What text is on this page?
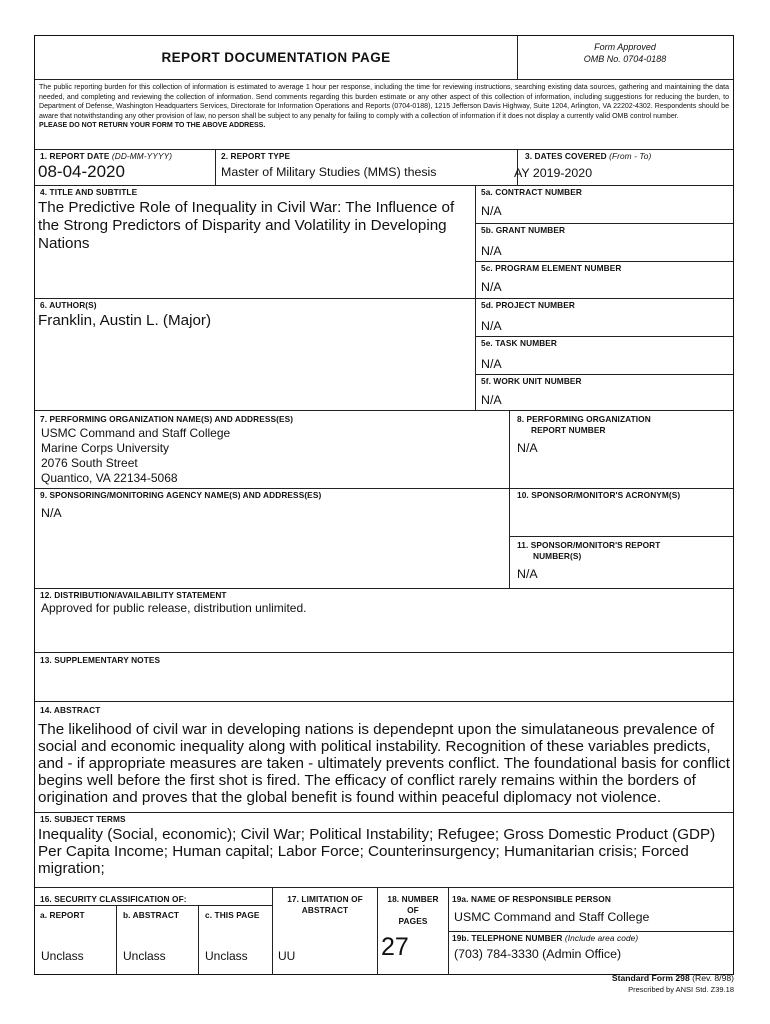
REPORT DOCUMENTATION PAGE
Form Approved
OMB No. 0704-0188
The public reporting burden for this collection of information is estimated to average 1 hour per response, including the time for reviewing instructions, searching existing data sources, gathering and maintaining the data needed, and completing and reviewing the collection of information. Send comments regarding this burden estimate or any other aspect of this collection of information, including suggestions for reducing the burden, to Department of Defense, Washington Headquarters Services, Directorate for Information Operations and Reports (0704-0188), 1215 Jefferson Davis Highway, Suite 1204, Arlington, VA 22202-4302. Respondents should be aware that notwithstanding any other provision of law, no person shall be subject to any penalty for failing to comply with a collection of information if it does not display a currently valid OMB control number.
PLEASE DO NOT RETURN YOUR FORM TO THE ABOVE ADDRESS.
1. REPORT DATE (DD-MM-YYYY)
08-04-2020
2. REPORT TYPE
Master of Military Studies (MMS) thesis
3. DATES COVERED (From - To)
AY 2019-2020
4. TITLE AND SUBTITLE
The Predictive Role of Inequality in Civil War: The Influence of
the Strong Predictors of Disparity and Volatility in Developing
Nations
5a. CONTRACT NUMBER
N/A
5b. GRANT NUMBER
N/A
5c. PROGRAM ELEMENT NUMBER
N/A
6. AUTHOR(S)
Franklin, Austin L. (Major)
5d. PROJECT NUMBER
N/A
5e. TASK NUMBER
N/A
5f. WORK UNIT NUMBER
N/A
7. PERFORMING ORGANIZATION NAME(S) AND ADDRESS(ES)
USMC Command and Staff College
Marine Corps University
2076 South Street
Quantico, VA 22134-5068
8. PERFORMING ORGANIZATION
REPORT NUMBER
N/A
9. SPONSORING/MONITORING AGENCY NAME(S) AND ADDRESS(ES)
N/A
10. SPONSOR/MONITOR'S ACRONYM(S)
11. SPONSOR/MONITOR'S REPORT
NUMBER(S)
N/A
12. DISTRIBUTION/AVAILABILITY STATEMENT
Approved for public release, distribution unlimited.
13. SUPPLEMENTARY NOTES
14. ABSTRACT
The likelihood of civil war in developing nations is dependepnt upon the simulataneous prevalence of
social and economic inequality along with political instability. Recognition of these variables predicts,
and - if appropriate measures are taken - ultimately prevents conflict. The foundational basis for conflict
begins well before the first shot is fired. The efficacy of conflict rarely remains within the borders of
origination and proves that the global benefit is found within peaceful diplomacy not violence.
15. SUBJECT TERMS
Inequality (Social, economic); Civil War; Political Instability; Refugee; Gross Domestic Product (GDP)
Per Capita Income; Human capital; Labor Force; Counterinsurgency; Humanitarian crisis; Forced
migration;
16. SECURITY CLASSIFICATION OF:
a. REPORT	b. ABSTRACT	c. THIS PAGE
Unclass	Unclass	Unclass
17. LIMITATION OF
ABSTRACT
UU
18. NUMBER
OF
PAGES
27
19a. NAME OF RESPONSIBLE PERSON
USMC Command and Staff College
19b. TELEPHONE NUMBER (Include area code)
(703) 784-3330 (Admin Office)
Standard Form 298 (Rev. 8/98)
Prescribed by ANSI Std. Z39.18
